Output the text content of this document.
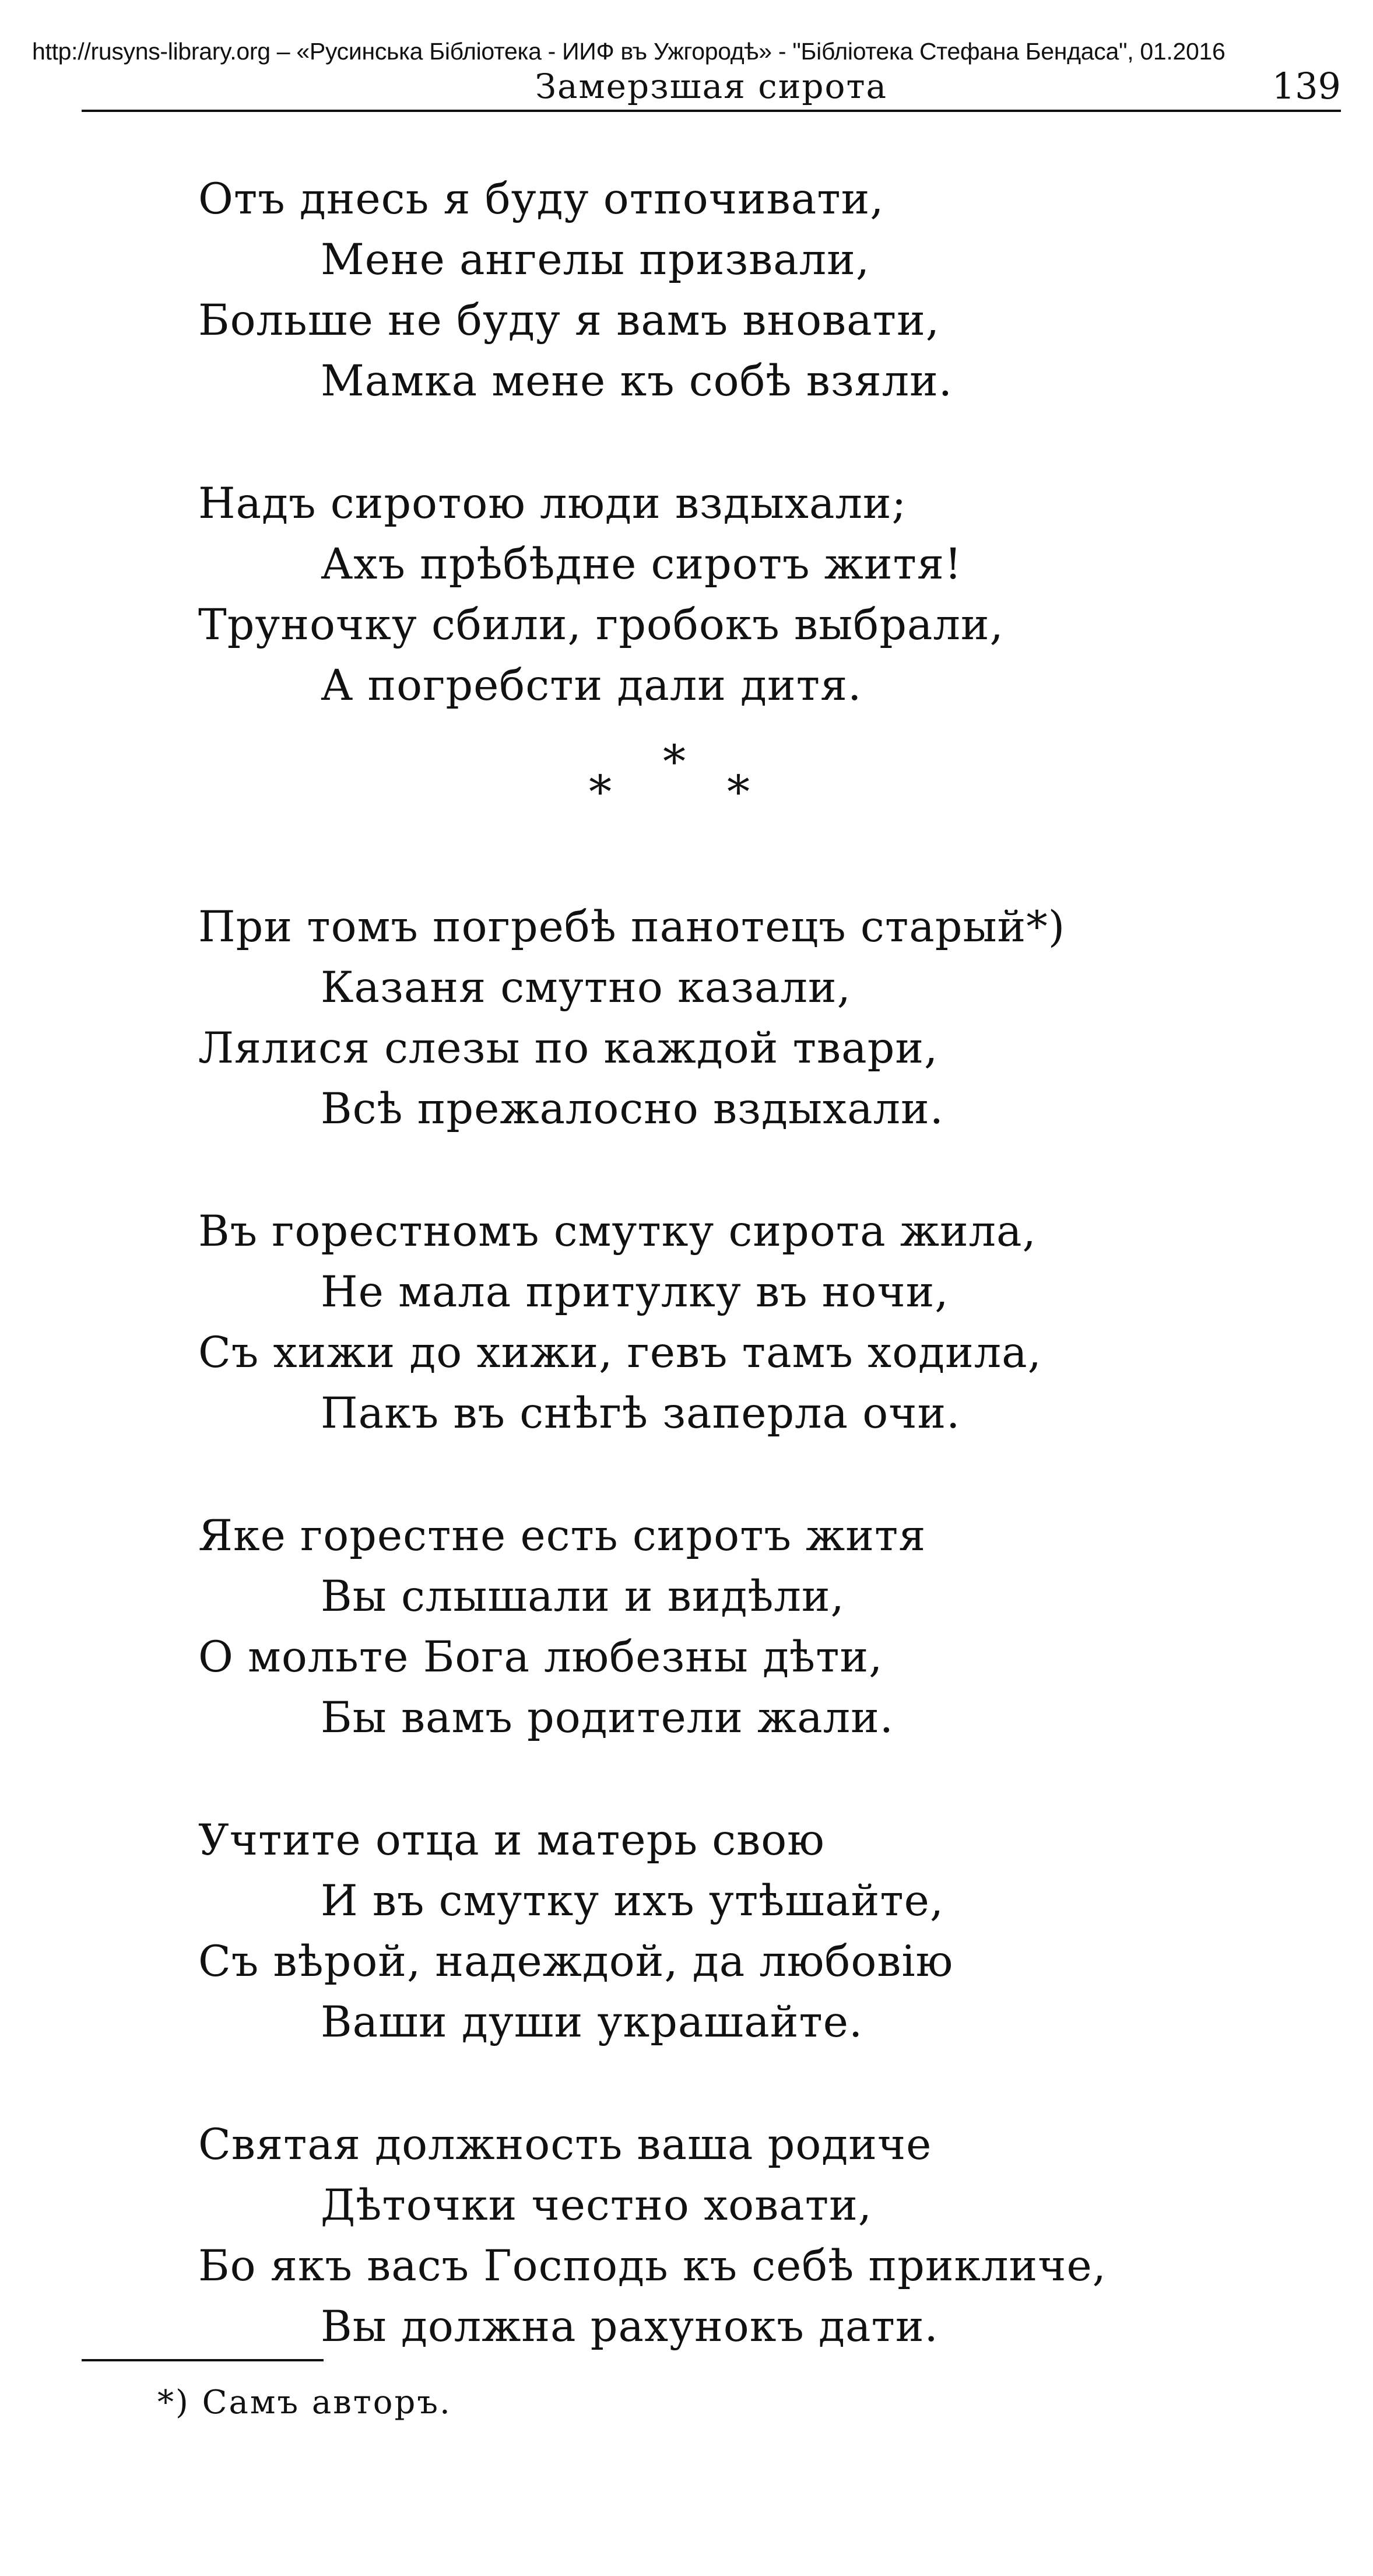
http://rusyns-library.org – «Русинська Бібліотека - ИИФ въ Ужгородѣ» - "Бібліотека Стефана Бендаса", 01.2016
Замерзшая сирота	139
Отъ днесь я буду отпочивати,
Мене ангелы призвали,
Больше не буду я вамъ вновати,
Мамка мене къ собѣ взяли.
Надъ сиротою люди вздыхали;
Ахъ прѣбѣдне сиротъ житя!
Труночку сбили, гробокъ выбрали,
А погребсти дали дитя.
*
*	*
При томъ погребѣ панотецъ старый*)
Казаня смутно казали,
Лялися слезы по каждой твари,
Всѣ прежалосно вздыхали.
Въ горестномъ смутку сирота жила,
Не мала притулку въ ночи,
Съ хижи до хижи, гевъ тамъ ходила,
Пакъ въ снѣгѣ заперла очи.
Яке горестне есть сиротъ житя
Вы слышали и видѣли,
О мольте Бога любезны дѣти,
Бы вамъ родители жали.
Учтите отца и матерь свою
И въ смутку ихъ утѣшайте,
Съ вѣрой, надеждой, да любовію
Ваши души украшайте.
Святая должность ваша родиче
Дѣточки честно ховати,
Бо якъ васъ Господь къ себѣ прикличе,
Вы должна рахунокъ дати.
*) Самъ авторъ.
